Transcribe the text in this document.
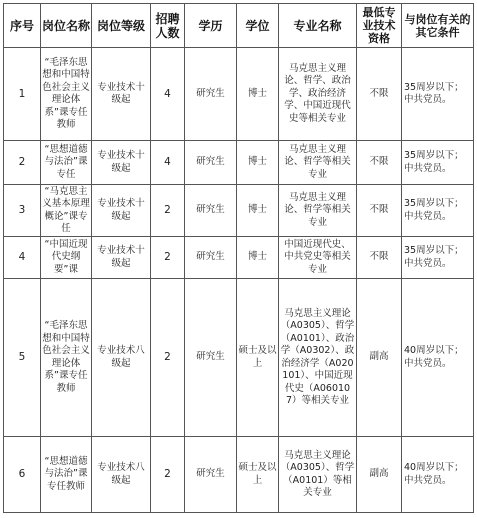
序号	岗位名称	岗位等级	招聘人数	学历	学位	专业名称	最低专业技术资格	与岗位有关的其它条件
1	“毛泽东思想和中国特色社会主义理论体系”课专任教师	专业技术十级起	4	研究生	博士	马克思主义理论、哲学、政治学、政治经济学、中国近现代史等相关专业	不限	35周岁以下；中共党员。
2	“思想道德与法治”课专任	专业技术十级起	4	研究生	博士	马克思主义理论、哲学等相关专业	不限	35周岁以下；中共党员。
3	“马克思主义基本原理概论”课专任	专业技术十级起	2	研究生	博士	马克思主义理论、哲学等相关专业	不限	35周岁以下；中共党员。
4	“中国近现代史纲要”课	专业技术十级起	2	研究生	博士	中国近现代史、中共党史等相关专业	不限	35周岁以下；中共党员。
5	“毛泽东思想和中国特色社会主义理论体系”课专任教师	专业技术八级起	2	研究生	硕士及以上	马克思主义理论（A0305）、哲学（A0101）、政治学（A0302）、政治经济学（A020101）、中国近现代史（A060107）等相关专业	副高	40周岁以下；中共党员。
6	“思想道德与法治”课专任教师	专业技术八级起	2	研究生	硕士及以上	马克思主义理论（A0305）、哲学（A0101）等相关专业	副高	40周岁以下；中共党员。
